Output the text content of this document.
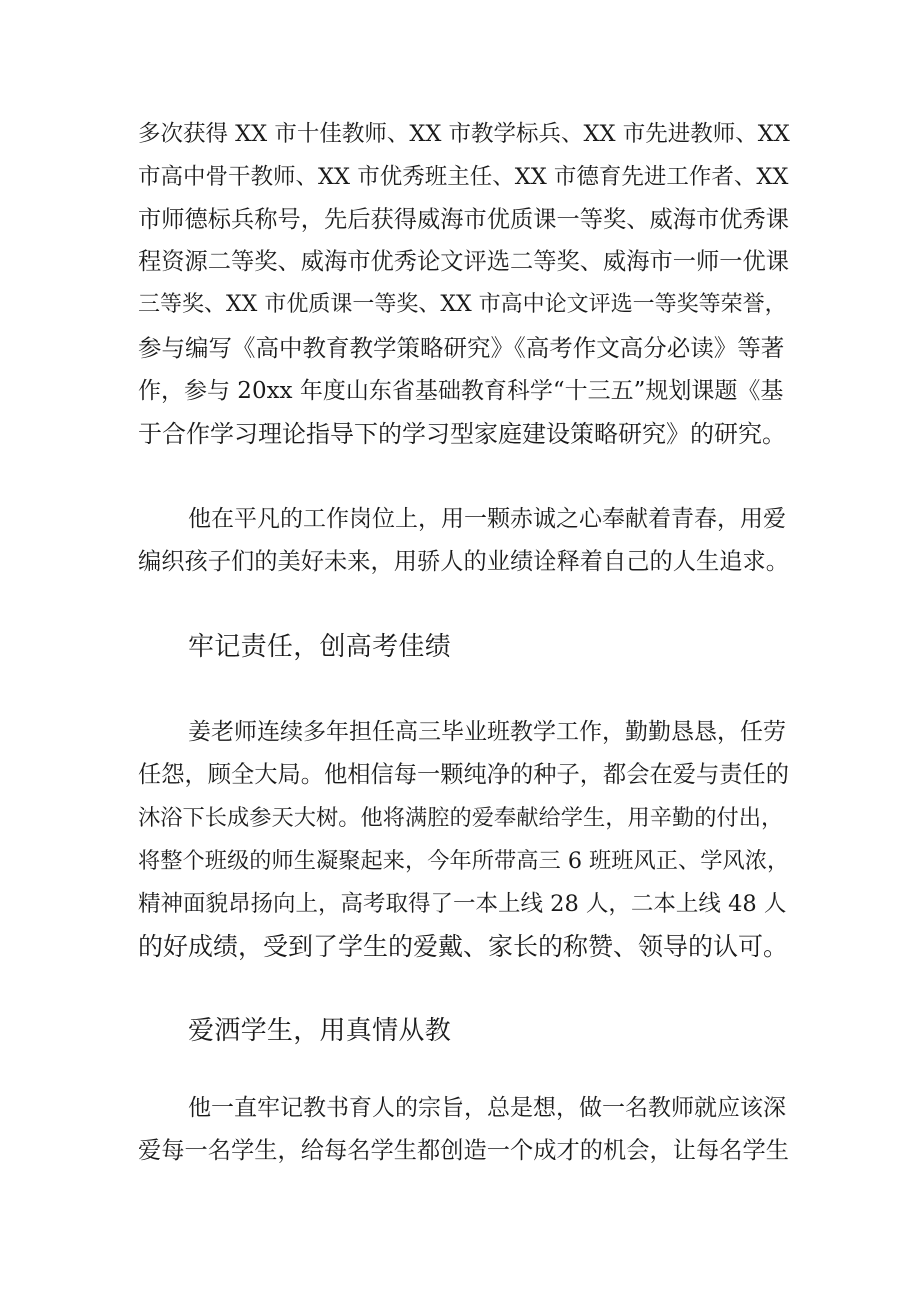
多次获得 XX 市十佳教师、XX 市教学标兵、XX 市先进教师、XX

市高中骨干教师、XX 市优秀班主任、XX 市德育先进工作者、XX

市师德标兵称号，先后获得威海市优质课一等奖、威海市优秀课

程资源二等奖、威海市优秀论文评选二等奖、威海市一师一优课

三等奖、XX 市优质课一等奖、XX 市高中论文评选一等奖等荣誉，

参与编写《高中教育教学策略研究》《高考作文高分必读》等著

作，参与 20xx 年度山东省基础教育科学“十三五”规划课题《基

于合作学习理论指导下的学习型家庭建设策略研究》的研究。

他在平凡的工作岗位上，用一颗赤诚之心奉献着青春，用爱

编织孩子们的美好未来，用骄人的业绩诠释着自己的人生追求。

牢记责任，创高考佳绩

姜老师连续多年担任高三毕业班教学工作，勤勤恳恳，任劳

任怨，顾全大局。他相信每一颗纯净的种子，都会在爱与责任的

沐浴下长成参天大树。他将满腔的爱奉献给学生，用辛勤的付出，

将整个班级的师生凝聚起来，今年所带高三 6 班班风正、学风浓，

精神面貌昂扬向上，高考取得了一本上线 28 人，二本上线 48 人

的好成绩，受到了学生的爱戴、家长的称赞、领导的认可。

爱洒学生，用真情从教

他一直牢记教书育人的宗旨，总是想，做一名教师就应该深

爱每一名学生，给每名学生都创造一个成才的机会，让每名学生
